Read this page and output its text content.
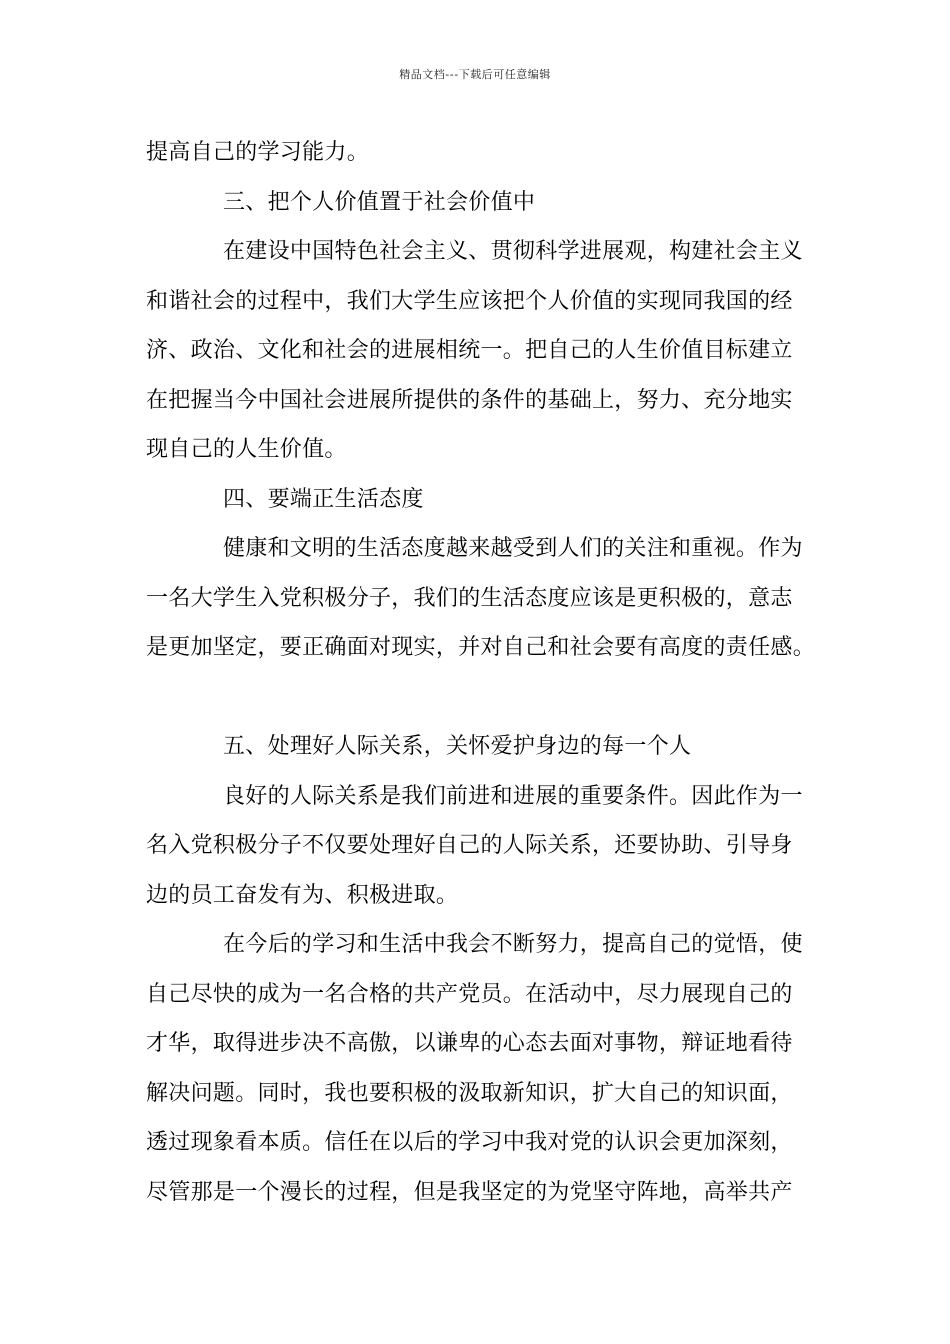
精品文档---下载后可任意编辑
提高自己的学习能力。
三、把个人价值置于社会价值中
在建设中国特色社会主义、贯彻科学进展观，构建社会主义
和谐社会的过程中，我们大学生应该把个人价值的实现同我国的经
济、政治、文化和社会的进展相统一。把自己的人生价值目标建立
在把握当今中国社会进展所提供的条件的基础上，努力、充分地实
现自己的人生价值。
四、要端正生活态度
健康和文明的生活态度越来越受到人们的关注和重视。作为
一名大学生入党积极分子，我们的生活态度应该是更积极的，意志
是更加坚定，要正确面对现实，并对自己和社会要有高度的责任感。
五、处理好人际关系，关怀爱护身边的每一个人
良好的人际关系是我们前进和进展的重要条件。因此作为一
名入党积极分子不仅要处理好自己的人际关系，还要协助、引导身
边的员工奋发有为、积极进取。
在今后的学习和生活中我会不断努力，提高自己的觉悟，使
自己尽快的成为一名合格的共产党员。在活动中，尽力展现自己的
才华，取得进步决不高傲，以谦卑的心态去面对事物，辩证地看待
解决问题。同时，我也要积极的汲取新知识，扩大自己的知识面，
透过现象看本质。信任在以后的学习中我对党的认识会更加深刻，
尽管那是一个漫长的过程，但是我坚定的为党坚守阵地，高举共产
